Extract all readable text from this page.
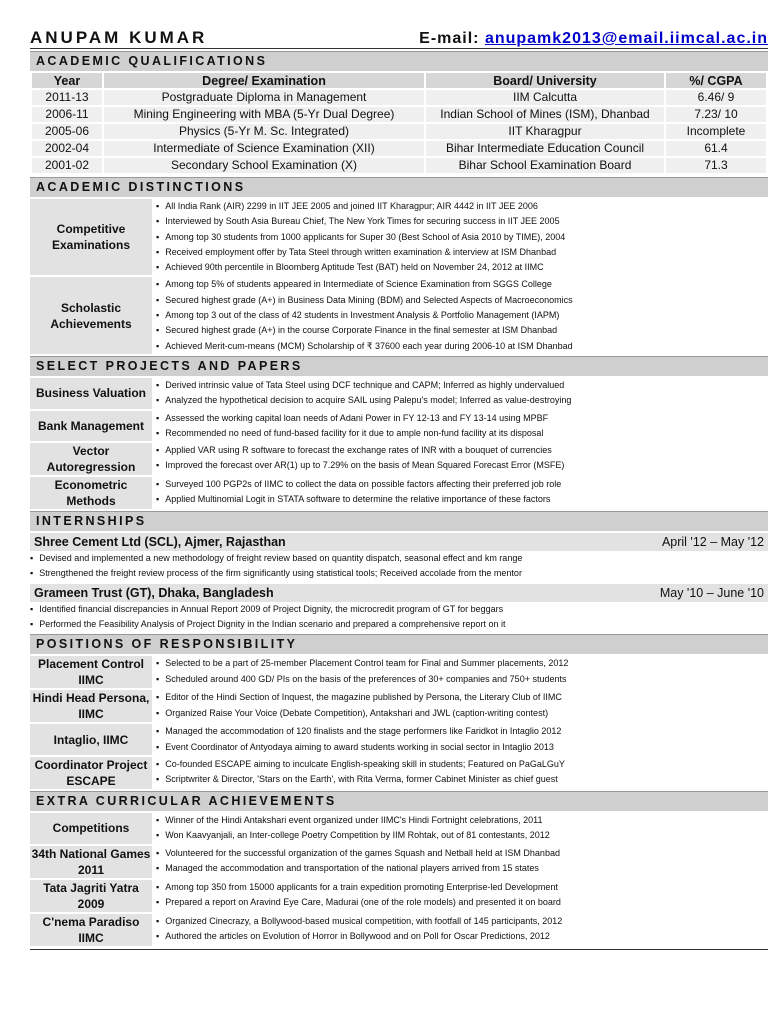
ANUPAM KUMAR	E-mail: anupamk2013@email.iimcal.ac.in
ACADEMIC QUALIFICATIONS
Year	Degree/ Examination	Board/ University	%/ CGPA
2011-13	Postgraduate Diploma in Management	IIM Calcutta	6.46/ 9
2006-11	Mining Engineering with MBA (5-Yr Dual Degree)	Indian School of Mines (ISM), Dhanbad	7.23/ 10
2005-06	Physics (5-Yr M. Sc. Integrated)	IIT Kharagpur	Incomplete
2002-04	Intermediate of Science Examination (XII)	Bihar Intermediate Education Council	61.4
2001-02	Secondary School Examination (X)	Bihar School Examination Board	71.3
ACADEMIC DISTINCTIONS
Competitive Examinations
▪ All India Rank (AIR) 2299 in IIT JEE 2005 and joined IIT Kharagpur; AIR 4442 in IIT JEE 2006
▪ Interviewed by South Asia Bureau Chief, The New York Times for securing success in IIT JEE 2005
▪ Among top 30 students from 1000 applicants for Super 30 (Best School of Asia 2010 by TIME), 2004
▪ Received employment offer by Tata Steel through written examination & interview at ISM Dhanbad
▪ Achieved 90th percentile in Bloomberg Aptitude Test (BAT) held on November 24, 2012 at IIMC
Scholastic Achievements
▪ Among top 5% of students appeared in Intermediate of Science Examination from SGGS College
▪ Secured highest grade (A+) in Business Data Mining (BDM) and Selected Aspects of Macroeconomics
▪ Among top 3 out of the class of 42 students in Investment Analysis & Portfolio Management (IAPM)
▪ Secured highest grade (A+) in the course Corporate Finance in the final semester at ISM Dhanbad
▪ Achieved Merit-cum-means (MCM) Scholarship of ₹ 37600 each year during 2006-10 at ISM Dhanbad
SELECT PROJECTS AND PAPERS
Business Valuation
▪ Derived intrinsic value of Tata Steel using DCF technique and CAPM; Inferred as highly undervalued
▪ Analyzed the hypothetical decision to acquire SAIL using Palepu's model; Inferred as value-destroying
Bank Management
▪ Assessed the working capital loan needs of Adani Power in FY 12-13 and FY 13-14 using MPBF
▪ Recommended no need of fund-based facility for it due to ample non-fund facility at its disposal
Vector Autoregression
▪ Applied VAR using R software to forecast the exchange rates of INR with a bouquet of currencies
▪ Improved the forecast over AR(1) up to 7.29% on the basis of Mean Squared Forecast Error (MSFE)
Econometric Methods
▪ Surveyed 100 PGP2s of IIMC to collect the data on possible factors affecting their preferred job role
▪ Applied Multinomial Logit in STATA software to determine the relative importance of these factors
INTERNSHIPS
Shree Cement Ltd (SCL), Ajmer, Rajasthan	April '12 – May '12
▪ Devised and implemented a new methodology of freight review based on quantity dispatch, seasonal effect and km range
▪ Strengthened the freight review process of the firm significantly using statistical tools; Received accolade from the mentor
Grameen Trust (GT), Dhaka, Bangladesh	May '10 – June '10
▪ Identified financial discrepancies in Annual Report 2009 of Project Dignity, the microcredit program of GT for beggars
▪ Performed the Feasibility Analysis of Project Dignity in the Indian scenario and prepared a comprehensive report on it
POSITIONS OF RESPONSIBILITY
Placement Control IIMC
▪ Selected to be a part of 25-member Placement Control team for Final and Summer placements, 2012
▪ Scheduled around 400 GD/ PIs on the basis of the preferences of 30+ companies and 750+ students
Hindi Head Persona, IIMC
▪ Editor of the Hindi Section of Inquest, the magazine published by Persona, the Literary Club of IIMC
▪ Organized Raise Your Voice (Debate Competition), Antakshari and JWL (caption-writing contest)
Intaglio, IIMC
▪ Managed the accommodation of 120 finalists and the stage performers like Faridkot in Intaglio 2012
▪ Event Coordinator of Antyodaya aiming to award students working in social sector in Intaglio 2013
Coordinator Project ESCAPE
▪ Co-founded ESCAPE aiming to inculcate English-speaking skill in students; Featured on PaGaLGuY
▪ Scriptwriter & Director, 'Stars on the Earth', with Rita Verma, former Cabinet Minister as chief guest
EXTRA CURRICULAR ACHIEVEMENTS
Competitions
▪ Winner of the Hindi Antakshari event organized under IIMC's Hindi Fortnight celebrations, 2011
▪ Won Kaavyanjali, an Inter-college Poetry Competition by IIM Rohtak, out of 81 contestants, 2012
34th National Games 2011
▪ Volunteered for the successful organization of the games Squash and Netball held at ISM Dhanbad
▪ Managed the accommodation and transportation of the national players arrived from 15 states
Tata Jagriti Yatra 2009
▪ Among top 350 from 15000 applicants for a train expedition promoting Enterprise-led Development
▪ Prepared a report on Aravind Eye Care, Madurai (one of the role models) and presented it on board
C'nema Paradiso IIMC
▪ Organized Cinecrazy, a Bollywood-based musical competition, with footfall of 145 participants, 2012
▪ Authored the articles on Evolution of Horror in Bollywood and on Poll for Oscar Predictions, 2012
